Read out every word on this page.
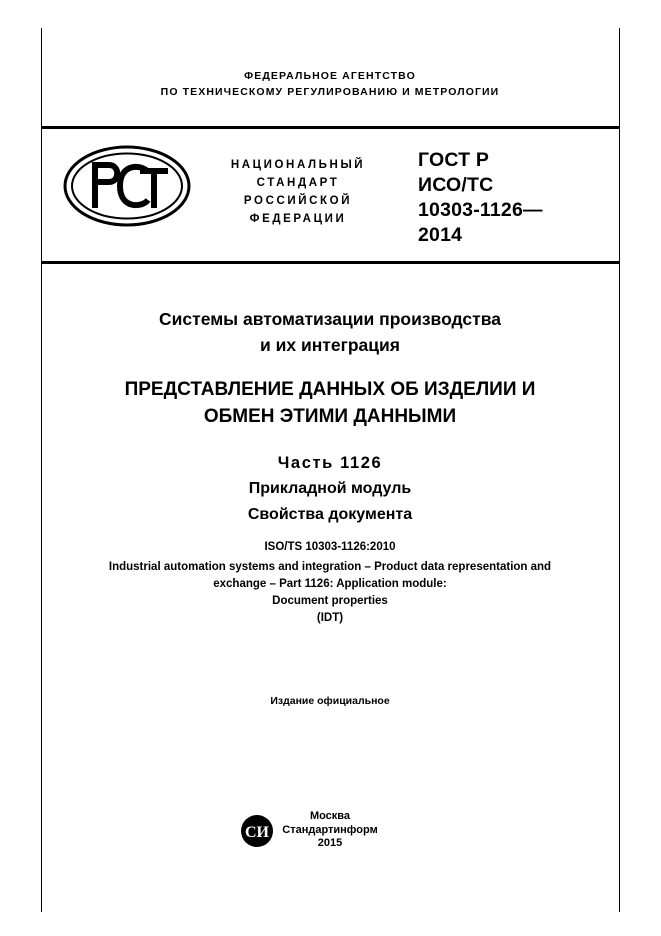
ФЕДЕРАЛЬНОЕ АГЕНТСТВО
ПО ТЕХНИЧЕСКОМУ РЕГУЛИРОВАНИЮ И МЕТРОЛОГИИ
НАЦИОНАЛЬНЫЙ
СТАНДАРТ
РОССИЙСКОЙ
ФЕДЕРАЦИИ
ГОСТ Р
ИСО/ТС
10303-1126—
2014
Системы автоматизации производства
и их интеграция
ПРЕДСТАВЛЕНИЕ ДАННЫХ ОБ ИЗДЕЛИИ И
ОБМЕН ЭТИМИ ДАННЫМИ
Часть 1126
Прикладной модуль
Свойства документа
ISO/TS 10303-1126:2010
Industrial automation systems and integration – Product data representation and
exchange – Part 1126: Application module:
Document properties
(IDT)
Издание официальное
СИ
Москва
Стандартинформ
2015
